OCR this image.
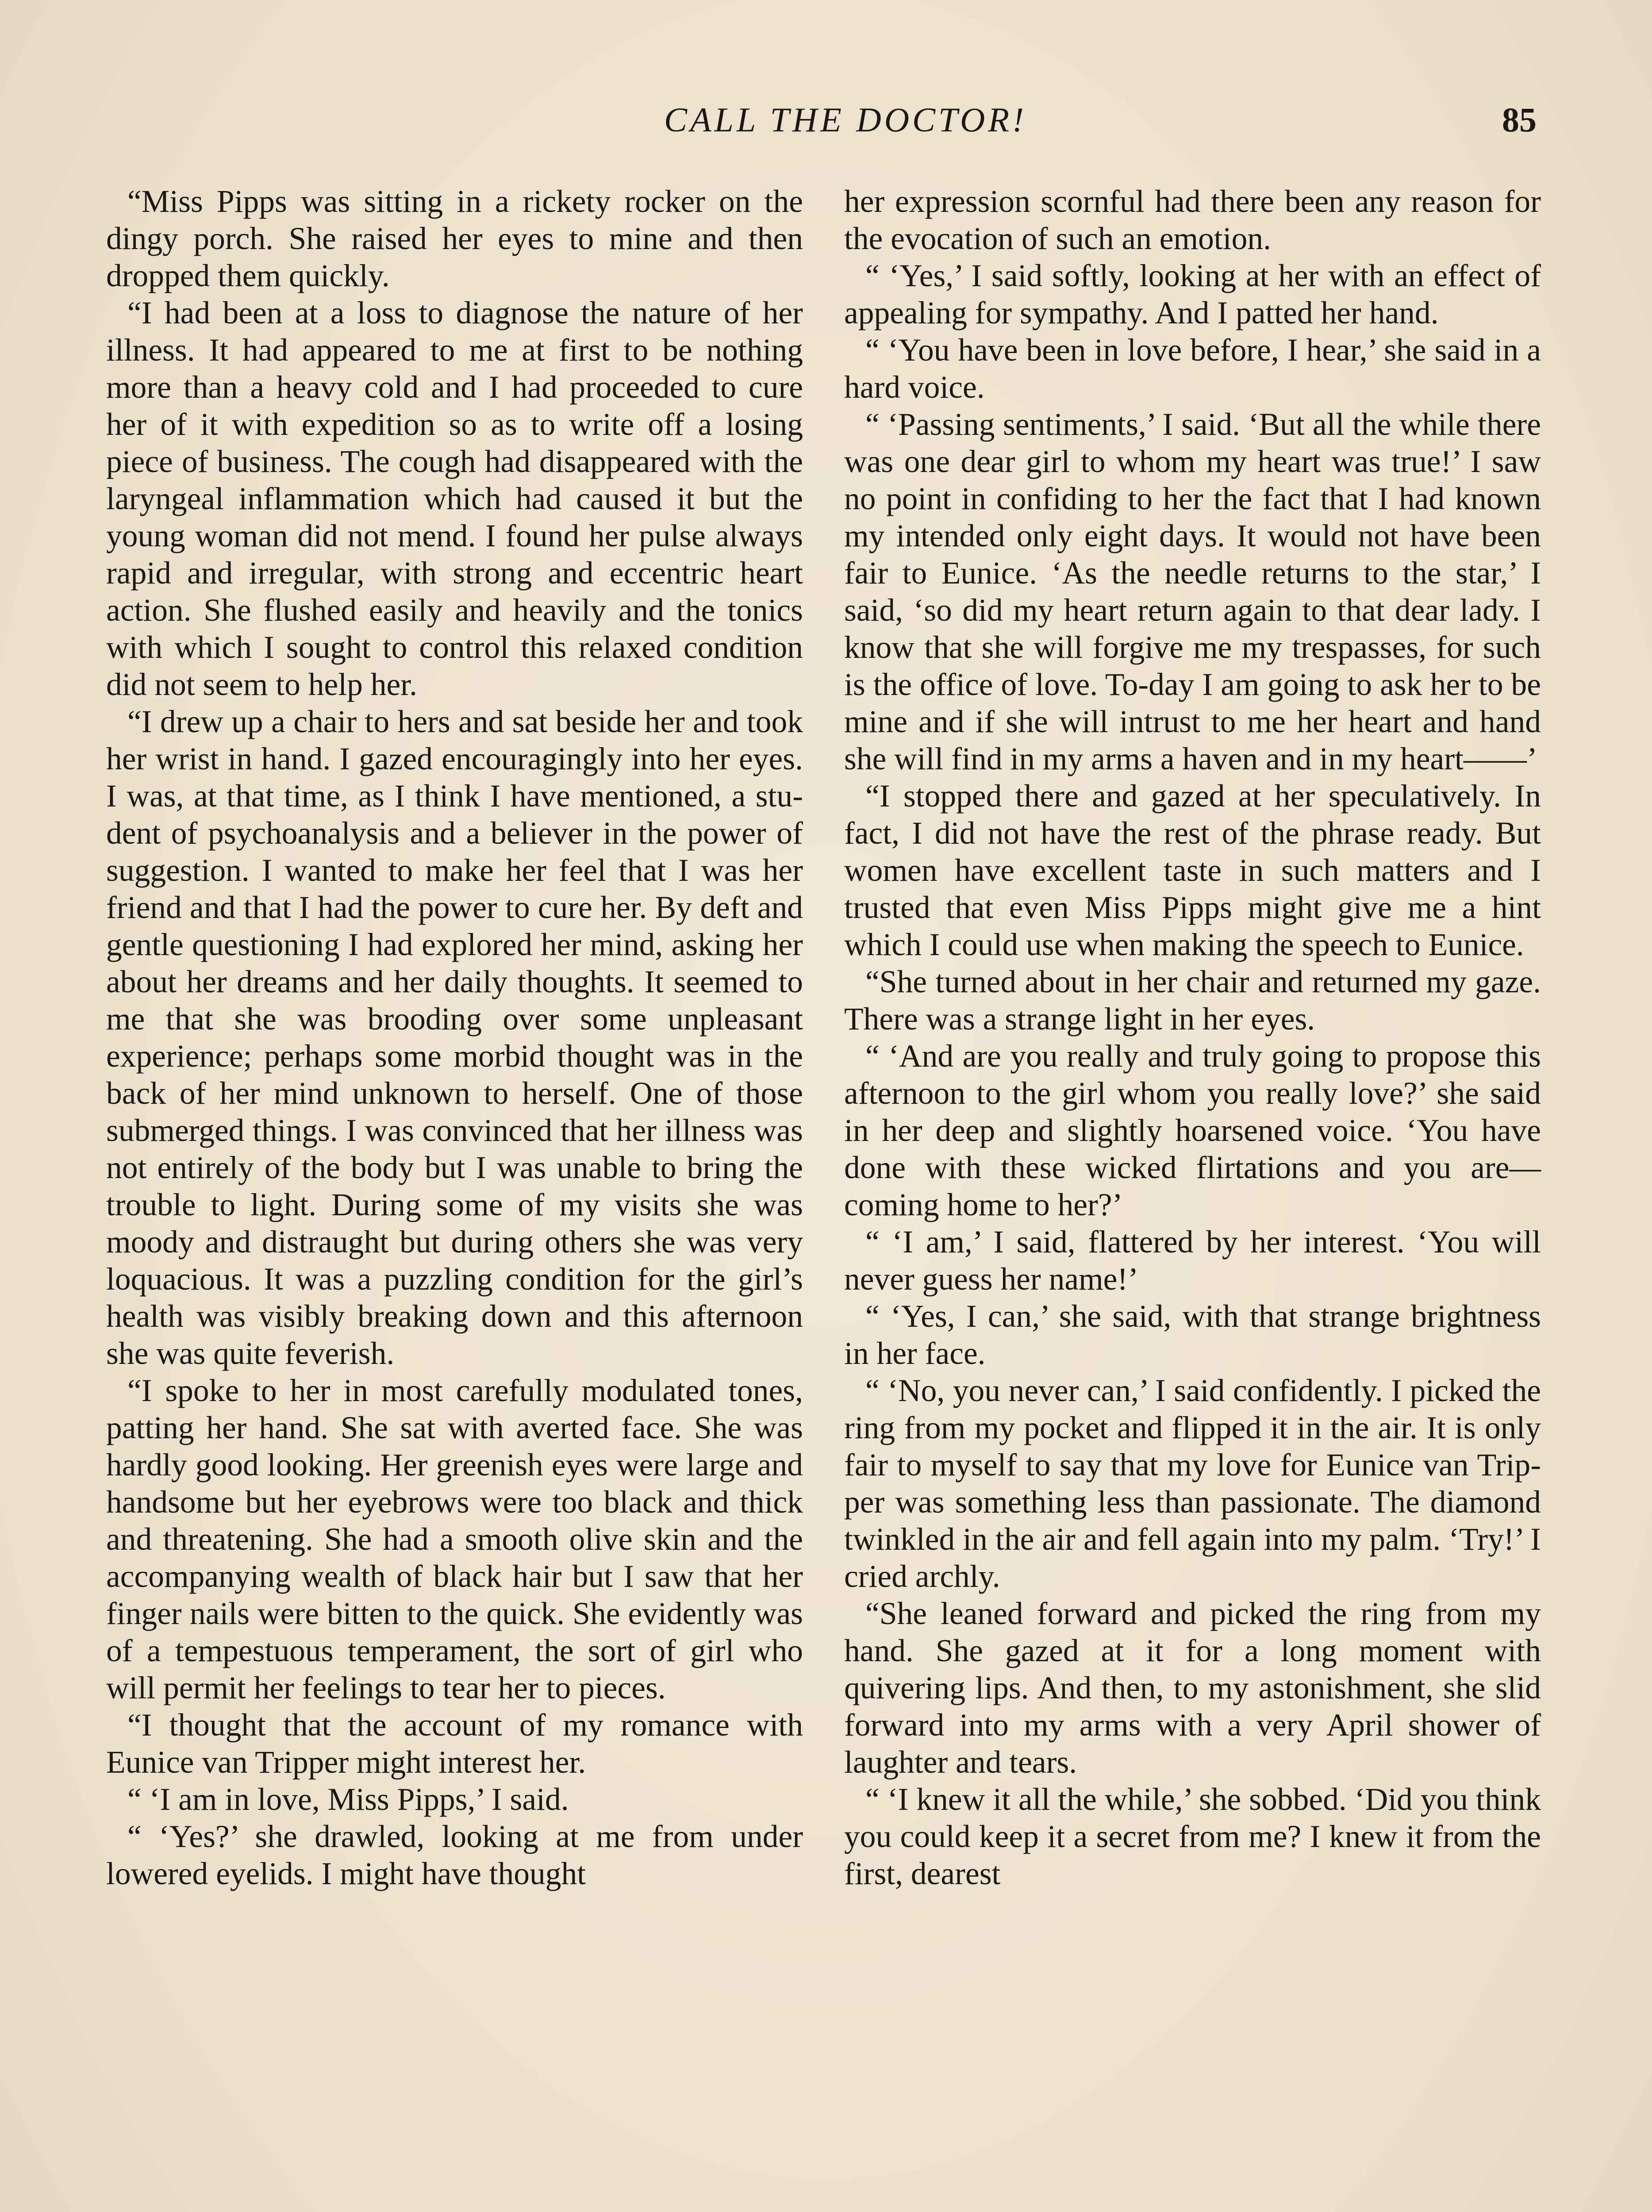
CALL THE DOCTOR!	85

“Miss Pipps was sitting in a rickety rocker on the dingy porch. She raised her eyes to mine and then dropped them quickly.

“I had been at a loss to diagnose the nature of her illness. It had appeared to me at first to be nothing more than a heavy cold and I had proceeded to cure her of it with expedition so as to write off a losing piece of business. The cough had disappeared with the laryngeal inflammation which had caused it but the young woman did not mend. I found her pulse always rapid and irregular, with strong and eccentric heart action. She flushed easily and heavily and the tonics with which I sought to control this relaxed condition did not seem to help her.

“I drew up a chair to hers and sat beside her and took her wrist in hand. I gazed encouragingly into her eyes. I was, at that time, as I think I have mentioned, a student of psychoanalysis and a believer in the power of suggestion. I wanted to make her feel that I was her friend and that I had the power to cure her. By deft and gentle questioning I had explored her mind, asking her about her dreams and her daily thoughts. It seemed to me that she was brooding over some unpleasant experience; perhaps some morbid thought was in the back of her mind unknown to herself. One of those submerged things. I was convinced that her illness was not entirely of the body but I was unable to bring the trouble to light. During some of my visits she was moody and distraught but during others she was very loquacious. It was a puzzling condition for the girl’s health was visibly breaking down and this afternoon she was quite feverish.

“I spoke to her in most carefully modulated tones, patting her hand. She sat with averted face. She was hardly good looking. Her greenish eyes were large and handsome but her eyebrows were too black and thick and threatening. She had a smooth olive skin and the accompanying wealth of black hair but I saw that her finger nails were bitten to the quick. She evidently was of a tempestuous temperament, the sort of girl who will permit her feelings to tear her to pieces.

“I thought that the account of my romance with Eunice van Tripper might interest her.

“ ‘I am in love, Miss Pipps,’ I said.

“ ‘Yes?’ she drawled, looking at me from under lowered eyelids. I might have thought

her expression scornful had there been any reason for the evocation of such an emotion.

“ ‘Yes,’ I said softly, looking at her with an effect of appealing for sympathy. And I patted her hand.

“ ‘You have been in love before, I hear,’ she said in a hard voice.

“ ‘Passing sentiments,’ I said. ‘But all the while there was one dear girl to whom my heart was true!’ I saw no point in confiding to her the fact that I had known my intended only eight days. It would not have been fair to Eunice. ‘As the needle returns to the star,’ I said, ‘so did my heart return again to that dear lady. I know that she will forgive me my trespasses, for such is the office of love. To-day I am going to ask her to be mine and if she will intrust to me her heart and hand she will find in my arms a haven and in my heart——’

“I stopped there and gazed at her speculatively. In fact, I did not have the rest of the phrase ready. But women have excellent taste in such matters and I trusted that even Miss Pipps might give me a hint which I could use when making the speech to Eunice.

“She turned about in her chair and returned my gaze. There was a strange light in her eyes.

“ ‘And are you really and truly going to propose this afternoon to the girl whom you really love?’ she said in her deep and slightly hoarsened voice. ‘You have done with these wicked flirtations and you are—coming home to her?’

“ ‘I am,’ I said, flattered by her interest. ‘You will never guess her name!’

“ ‘Yes, I can,’ she said, with that strange brightness in her face.

“ ‘No, you never can,’ I said confidently. I picked the ring from my pocket and flipped it in the air. It is only fair to myself to say that my love for Eunice van Tripper was something less than passionate. The diamond twinkled in the air and fell again into my palm. ‘Try!’ I cried archly.

“She leaned forward and picked the ring from my hand. She gazed at it for a long moment with quivering lips. And then, to my astonishment, she slid forward into my arms with a very April shower of laughter and tears.

“ ‘I knew it all the while,’ she sobbed. ‘Did you think you could keep it a secret from me? I knew it from the first, dearest
